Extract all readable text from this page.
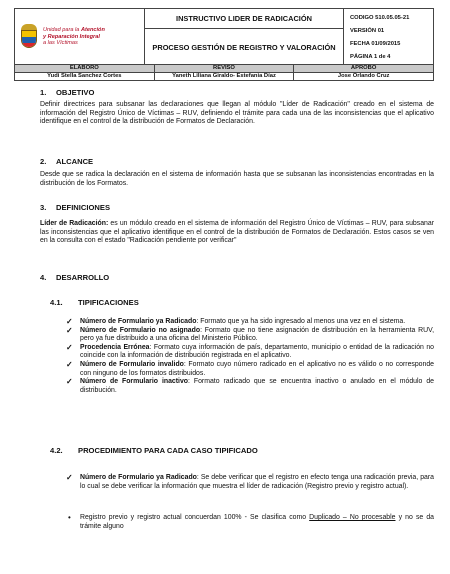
Unidad para la Atención
y Reparación Integral
a las Víctimas
	INSTRUCTIVO LIDER DE RADICACIÓN	CODIGO 510.05.05-21
VERSIÓN 01
FECHA 01/09/2015
PÁGINA 1 de 4

PROCESO GESTIÓN DE REGISTRO Y VALORACIÓN
ELABORO	REVISO	APROBO
Yudi Stella Sanchez Cortes	Yaneth Liliana Giraldo- Estefania Díaz	Jose Orlando Cruz
1. OBJETIVO
Definir directrices para subsanar las declaraciones que llegan al módulo "Líder de Radicación" creado en el sistema de información del Registro Único de Víctimas – RUV, definiendo el trámite para cada una de las inconsistencias que el aplicativo identifique en el control de la distribución de Formatos de Declaración.
2. ALCANCE
Desde que se radica la declaración en el sistema de información hasta que se subsanan las inconsistencias encontradas en la distribución de los Formatos.
3. DEFINICIONES
Líder de Radicación: es un módulo creado en el sistema de información del Registro Único de Víctimas – RUV, para subsanar las inconsistencias que el aplicativo identifique en el control de la distribución de Formatos de Declaración. Estos casos se ven en la consulta con el estado "Radicación pendiente por verificar"
4. DESARROLLO
4.1. TIPIFICACIONES
✓ Número de Formulario ya Radicado: Formato que ya ha sido ingresado al menos una vez en el sistema.
✓ Número de Formulario no asignado: Formato que no tiene asignación de distribución en la herramienta RUV, pero ya fue distribuido a una oficina del Ministerio Público.
✓ Procedencia Errónea: Formato cuya información de país, departamento, municipio o entidad de la radicación no coincide con la información de distribución registrada en el aplicativo.
✓ Número de Formulario invalido: Formato cuyo número radicado en el aplicativo no es válido o no corresponde con ninguno de los formatos distribuidos.
✓ Número de Formulario inactivo: Formato radicado que se encuentra inactivo o anulado en el módulo de distribución.
4.2. PROCEDIMIENTO PARA CADA CASO TIPIFICADO
✓ Número de Formulario ya Radicado: Se debe verificar que el registro en efecto tenga una radicación previa, para lo cual se debe verificar la información que muestra el líder de radicación (Registro previo y registro actual).
• Registro previo y registro actual concuerdan 100% - Se clasifica como Duplicado – No procesable y no se da trámite alguno
